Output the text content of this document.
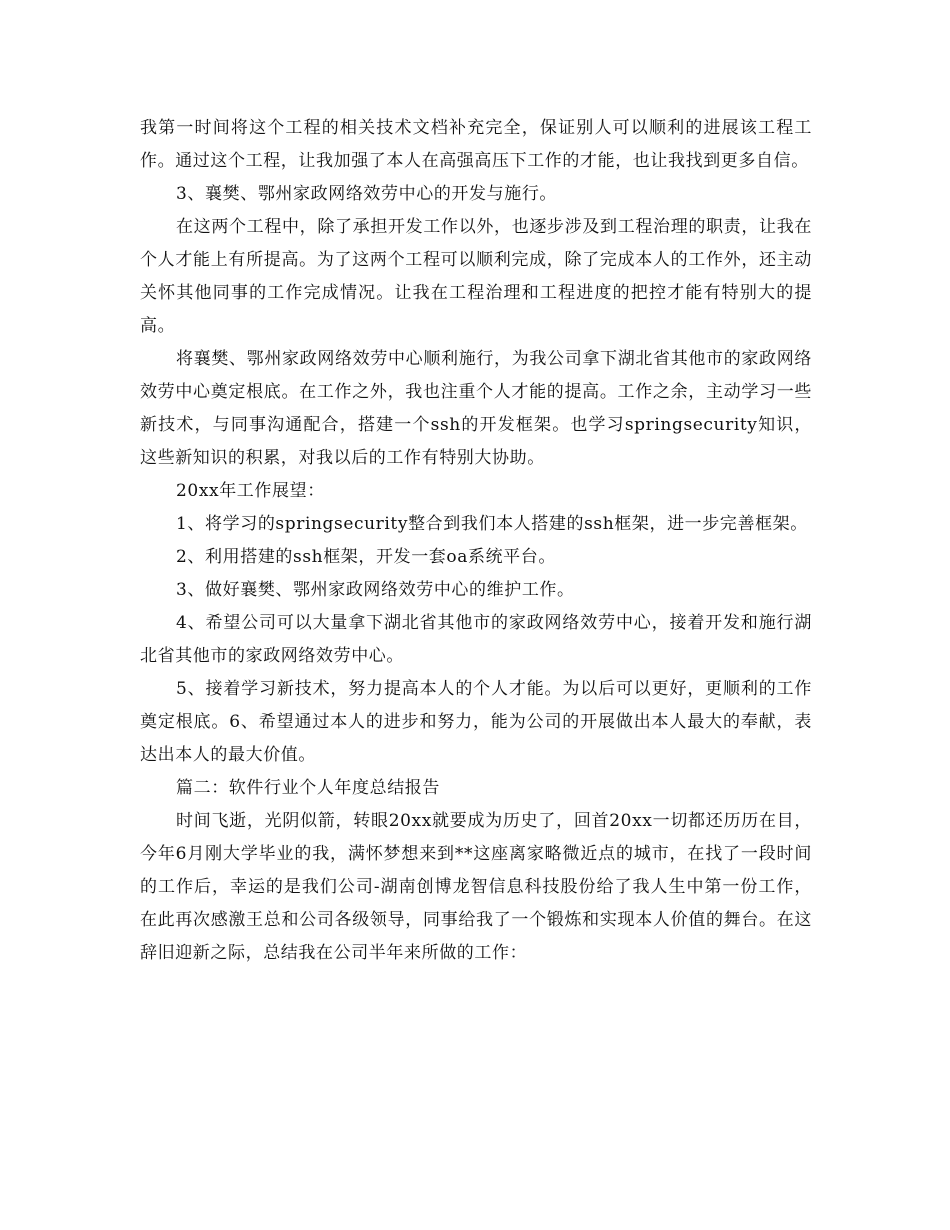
我第一时间将这个工程的相关技术文档补充完全，保证别人可以顺利的进展该工程工作。通过这个工程，让我加强了本人在高强高压下工作的才能，也让我找到更多自信。

3、襄樊、鄂州家政网络效劳中心的开发与施行。

在这两个工程中，除了承担开发工作以外，也逐步涉及到工程治理的职责，让我在个人才能上有所提高。为了这两个工程可以顺利完成，除了完成本人的工作外，还主动关怀其他同事的工作完成情况。让我在工程治理和工程进度的把控才能有特别大的提高。

将襄樊、鄂州家政网络效劳中心顺利施行，为我公司拿下湖北省其他市的家政网络效劳中心奠定根底。在工作之外，我也注重个人才能的提高。工作之余，主动学习一些新技术，与同事沟通配合，搭建一个ssh的开发框架。也学习springsecurity知识，这些新知识的积累，对我以后的工作有特别大协助。

20xx年工作展望：

1、将学习的springsecurity整合到我们本人搭建的ssh框架，进一步完善框架。

2、利用搭建的ssh框架，开发一套oa系统平台。

3、做好襄樊、鄂州家政网络效劳中心的维护工作。

4、希望公司可以大量拿下湖北省其他市的家政网络效劳中心，接着开发和施行湖北省其他市的家政网络效劳中心。

5、接着学习新技术，努力提高本人的个人才能。为以后可以更好，更顺利的工作奠定根底。6、希望通过本人的进步和努力，能为公司的开展做出本人最大的奉献，表达出本人的最大价值。

篇二：软件行业个人年度总结报告

时间飞逝，光阴似箭，转眼20xx就要成为历史了，回首20xx一切都还历历在目，今年6月刚大学毕业的我，满怀梦想来到**这座离家略微近点的城市，在找了一段时间的工作后，幸运的是我们公司-湖南创博龙智信息科技股份给了我人生中第一份工作，在此再次感激王总和公司各级领导，同事给我了一个锻炼和实现本人价值的舞台。在这辞旧迎新之际，总结我在公司半年来所做的工作：
